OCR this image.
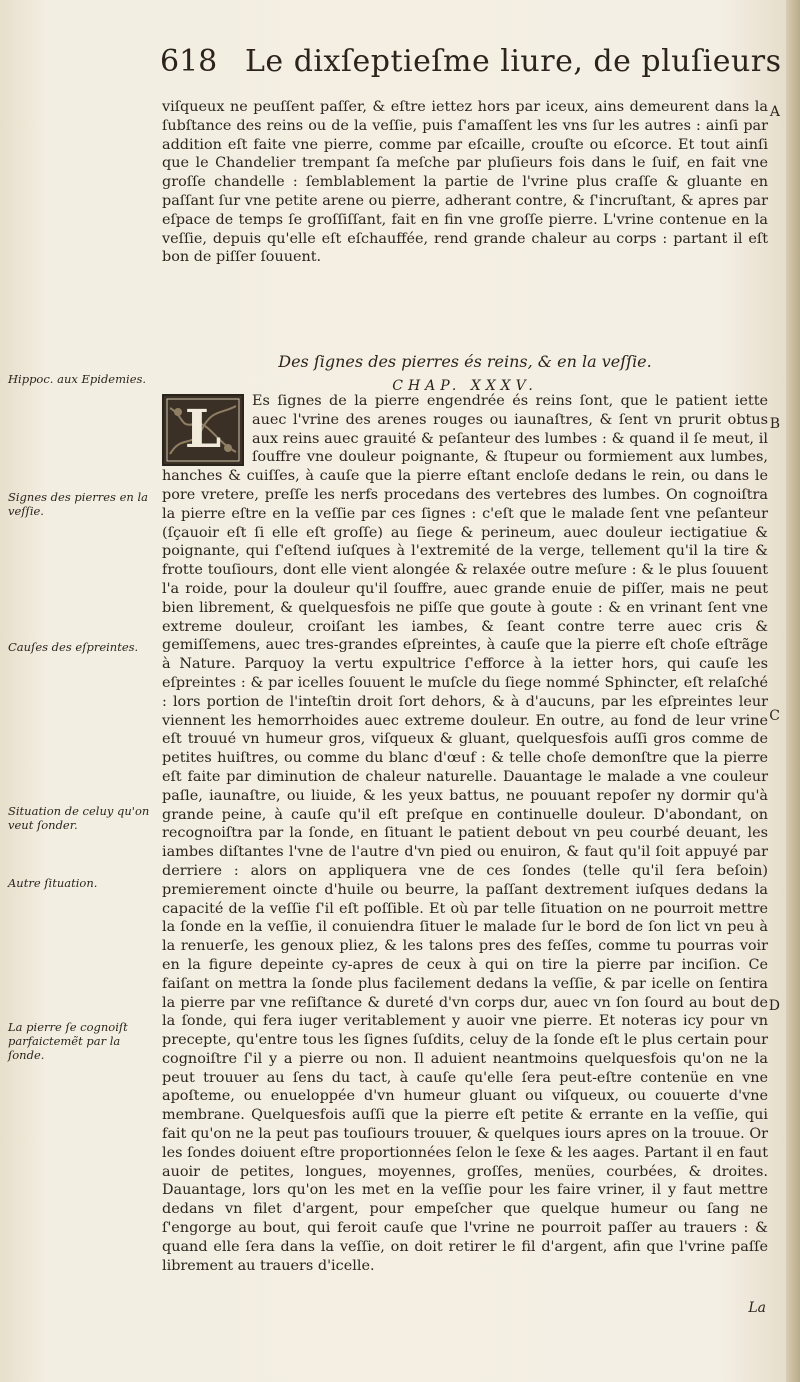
618 Le dixſeptieſme liure, de pluſieurs
viſqueux ne peuſſent paſſer, & eſtre iettez hors par iceux, ains demeurent dans la ſubſtance des reins ou de la veſſie, puis ſ'amaſſent les vns ſur les autres : ainſi par addition eſt faite vne pierre, comme par eſcaille, crouſte ou eſcorce. Et tout ainſi que le Chandelier trempant ſa meſche par pluſieurs fois dans le ſuif, en fait vne groſſe chandelle : ſemblablement la partie de l'vrine plus craſſe & gluante en paſſant ſur vne petite arene ou pierre, adherant contre, & ſ'incruſtant, & apres par eſpace de temps ſe groſſiſſant, fait en fin vne groſſe pierre. L'vrine contenue en la veſſie, depuis qu'elle eſt eſchauffée, rend grande chaleur au corps : partant il eſt bon de piſſer ſouuent.
Des ſignes des pierres és reins, & en la veſſie.
CHAP. XXXV.
L	Es ſignes de la pierre engendrée és reins ſont, que le patient iette auec l'vrine des arenes rouges ou iaunaſtres, & ſent vn prurit obtus aux reins auec grauité & peſanteur des lumbes : & quand il ſe meut, il ſouffre vne douleur poignante, & ſtupeur ou formiement aux lumbes, hanches & cuiſſes, à cauſe que la pierre eſtant encloſe dedans le rein, ou dans le pore vretere, preſſe les nerfs procedans des vertebres des lumbes. On cognoiſtra la pierre eſtre en la veſſie par ces ſignes : c'eſt que le malade ſent vne peſanteur (ſçauoir eſt ſi elle eſt groſſe) au ſiege & perineum, auec douleur iectigatiue & poignante, qui ſ'eſtend iuſques à l'extremité de la verge, tellement qu'il la tire & frotte touſiours, dont elle vient alongée & relaxée outre meſure : & le plus ſouuent l'a roide, pour la douleur qu'il ſouffre, auec grande enuie de piſſer, mais ne peut bien librement, & quelquesfois ne piſſe que goute à goute : & en vrinant ſent vne extreme douleur, croiſant les iambes, & ſeant contre terre auec cris & gemiſſemens, auec tres-grandes eſpreintes, à cauſe que la pierre eſt choſe eſtrãge à Nature. Parquoy la vertu expultrice ſ'efforce à la ietter hors, qui cauſe les eſpreintes : & par icelles ſouuent le muſcle du ſiege nommé Sphincter, eſt relaſché : lors portion de l'inteſtin droit ſort dehors, & à d'aucuns, par les eſpreintes leur viennent les hemorrhoides auec extreme douleur. En outre, au fond de leur vrine eſt trouué vn humeur gros, viſqueux & gluant, quelquesfois auſſi gros comme de petites huiſtres, ou comme du blanc d'œuf : & telle choſe demonſtre que la pierre eſt faite par diminution de chaleur naturelle. Dauantage le malade a vne couleur paſle, iaunaſtre, ou liuide, & les yeux battus, ne pouuant repoſer ny dormir qu'à grande peine, à cauſe qu'il eſt preſque en continuelle douleur. D'abondant, on recognoiſtra par la ſonde, en ſituant le patient debout vn peu courbé deuant, les iambes diſtantes l'vne de l'autre d'vn pied ou enuiron, & faut qu'il ſoit appuyé par derriere : alors on appliquera vne de ces ſondes (telle qu'il ſera beſoin) premierement oincte d'huile ou beurre, la paſſant dextrement iuſques dedans la capacité de la veſſie ſ'il eſt poſſible. Et où par telle ſituation on ne pourroit mettre la ſonde en la veſſie, il conuiendra ſituer le malade ſur le bord de ſon lict vn peu à la renuerſe, les genoux pliez, & les talons pres des feſſes, comme tu pourras voir en la figure depeinte cy-apres de ceux à qui on tire la pierre par inciſion. Ce faiſant on mettra la ſonde plus facilement dedans la veſſie, & par icelle on ſentira la pierre par vne reſiſtance & dureté d'vn corps dur, auec vn ſon ſourd au bout de la ſonde, qui fera iuger veritablement y auoir vne pierre. Et noteras icy pour vn precepte, qu'entre tous les ſignes ſuſdits, celuy de la ſonde eſt le plus certain pour cognoiſtre ſ'il y a pierre ou non. Il aduient neantmoins quelquesfois qu'on ne la peut trouuer au ſens du tact, à cauſe qu'elle ſera peut-eſtre contenüe en vne apoſteme, ou enueloppée d'vn humeur gluant ou viſqueux, ou couuerte d'vne membrane. Quelquesfois auſſi que la pierre eſt petite & errante en la veſſie, qui fait qu'on ne la peut pas touſiours trouuer, & quelques iours apres on la trouue. Or les ſondes doiuent eſtre proportionnées ſelon le ſexe & les aages. Partant il en faut auoir de petites, longues, moyennes, groſſes, menües, courbées, & droites. Dauantage, lors qu'on les met en la veſſie pour les faire vriner, il y faut mettre dedans vn filet d'argent, pour empeſcher que quelque humeur ou ſang ne ſ'engorge au bout, qui feroit cauſe que l'vrine ne pourroit paſſer au trauers : & quand elle ſera dans la veſſie, on doit retirer le fil d'argent, afin que l'vrine paſſe librement au trauers d'icelle.
Hippoc. aux Epidemies.
Signes des pierres en la veſſie.
Cauſes des eſpreintes.
Situation de celuy qu'on veut ſonder.
Autre ſituation.
La pierre ſe cognoiſt parfaictemẽt par la ſonde.
A
B
C
D
La
